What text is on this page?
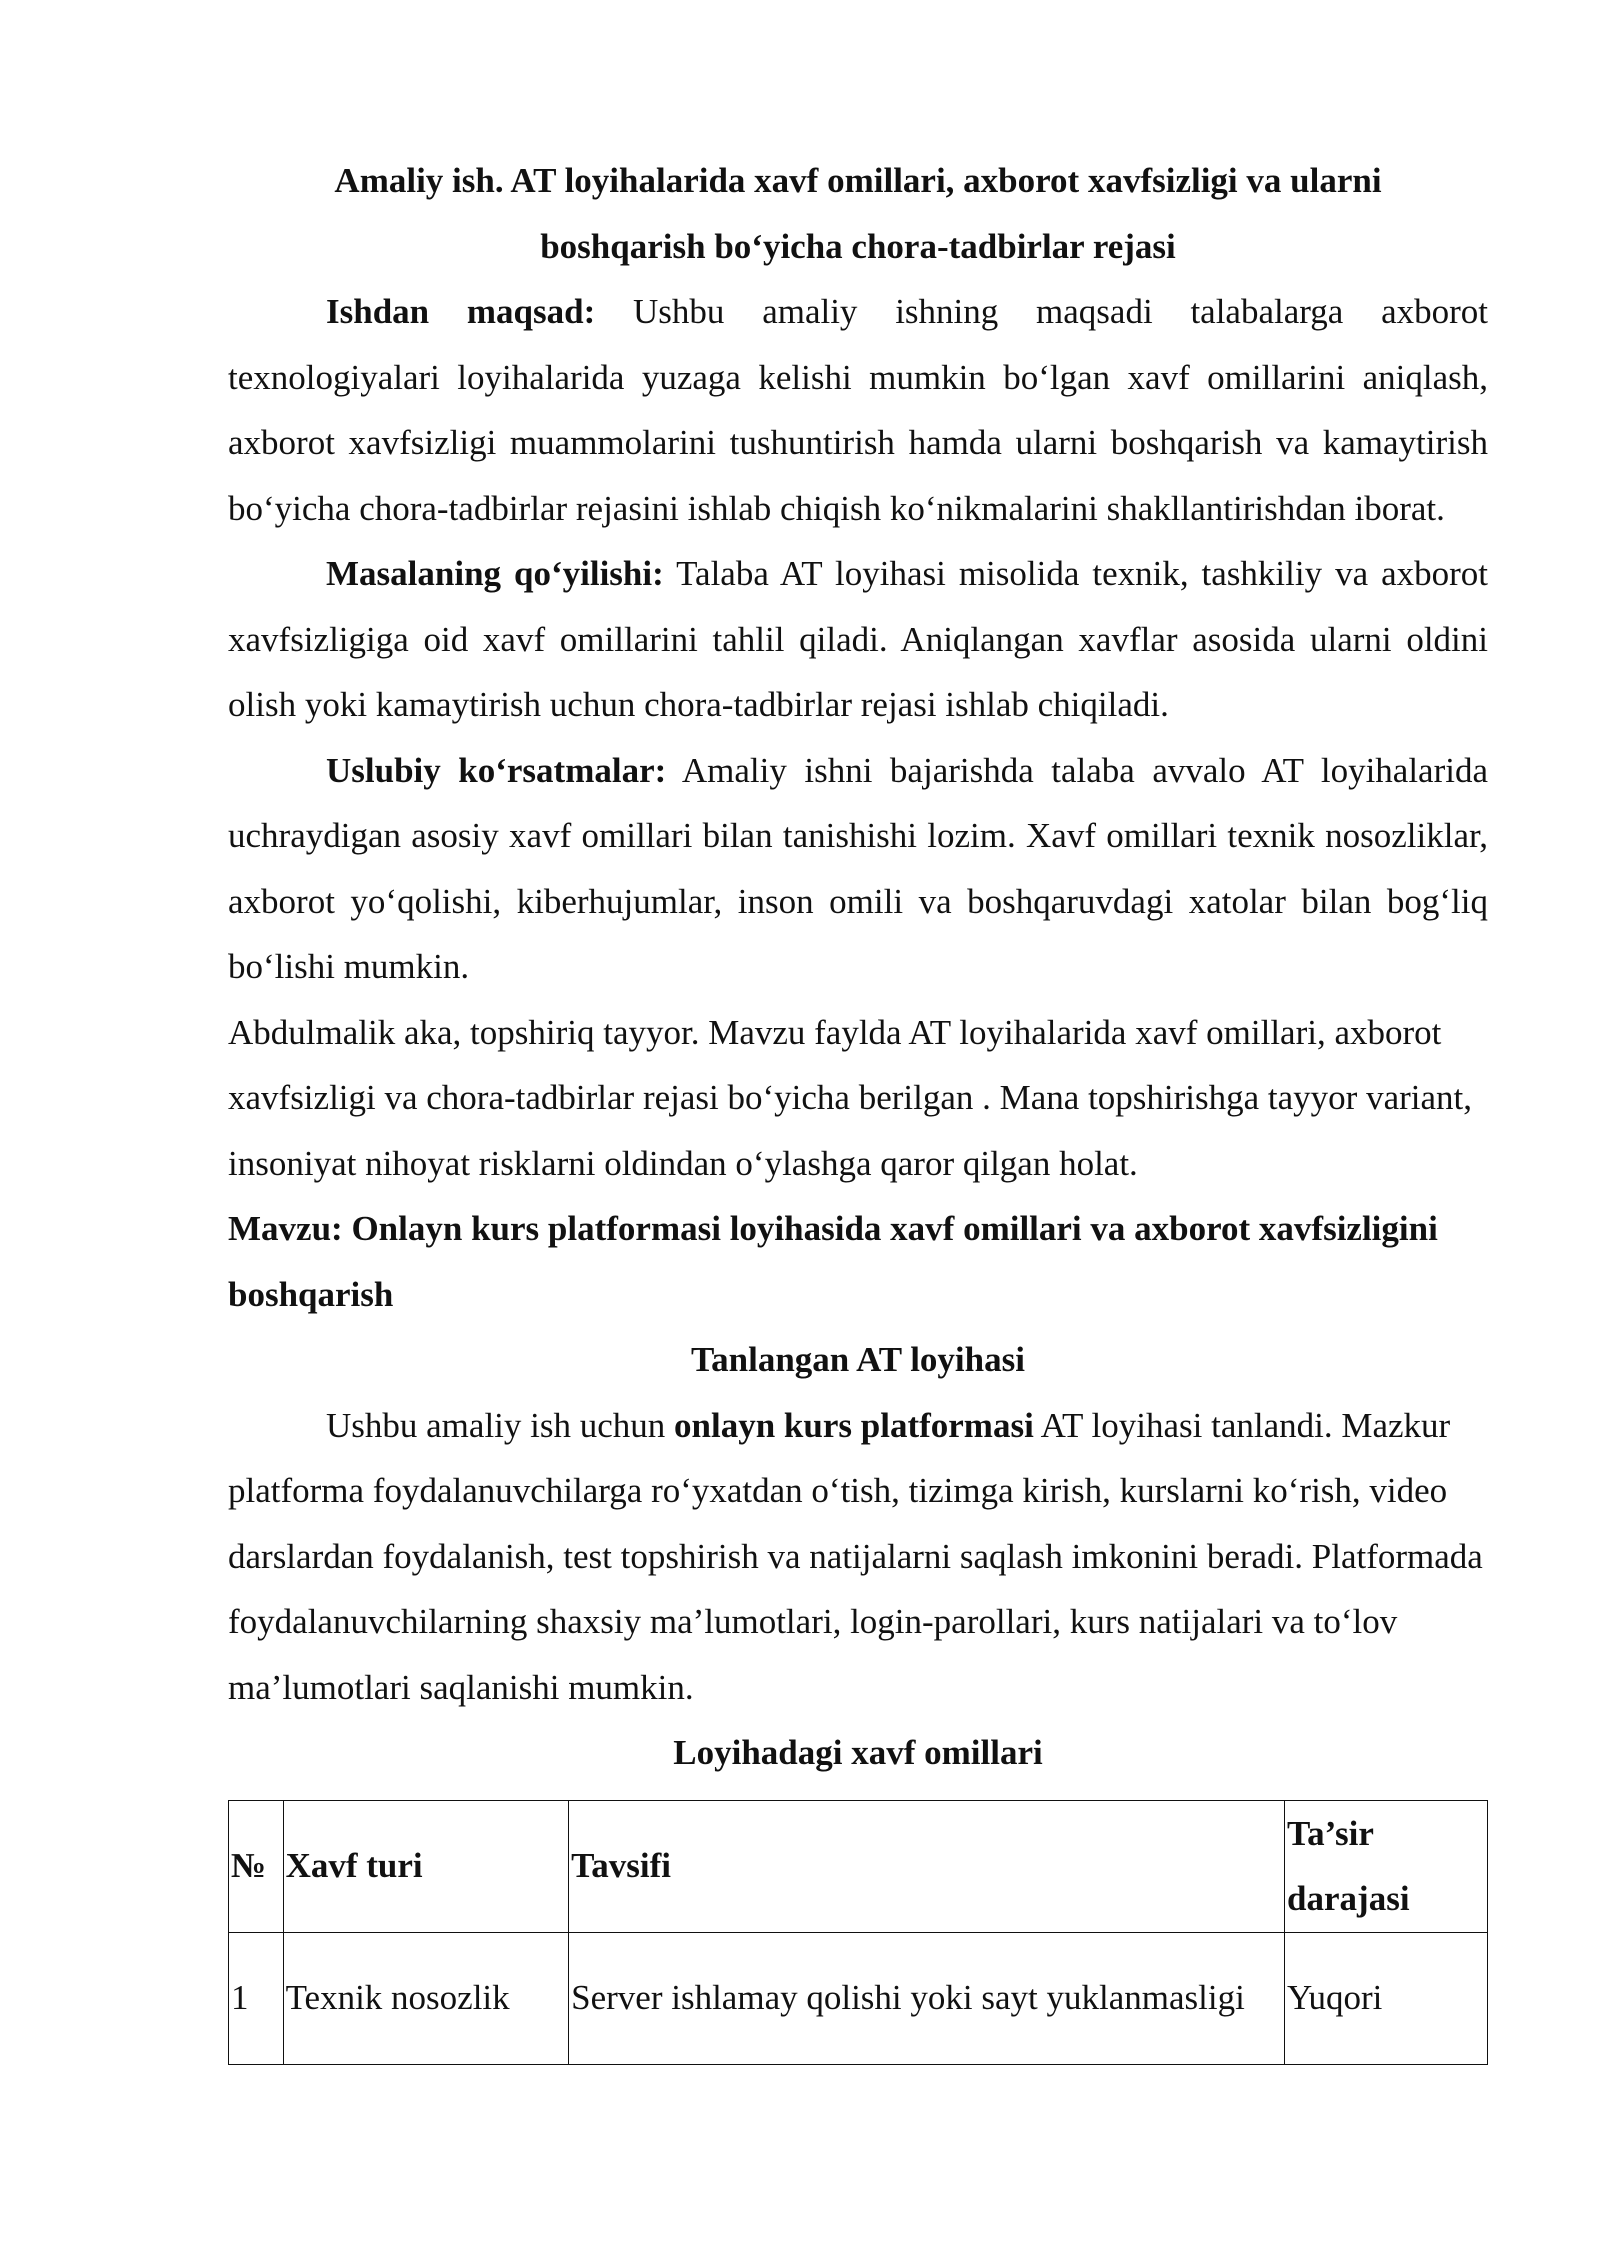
Amaliy ish. AT loyihalarida xavf omillari, axborot xavfsizligi va ularni
boshqarish bo‘yicha chora-tadbirlar rejasi

Ishdan maqsad: Ushbu amaliy ishning maqsadi talabalarga axborot texnologiyalari loyihalarida yuzaga kelishi mumkin bo‘lgan xavf omillarini aniqlash, axborot xavfsizligi muammolarini tushuntirish hamda ularni boshqarish va kamaytirish bo‘yicha chora-tadbirlar rejasini ishlab chiqish ko‘nikmalarini shakllantirishdan iborat.

Masalaning qo‘yilishi: Talaba AT loyihasi misolida texnik, tashkiliy va axborot xavfsizligiga oid xavf omillarini tahlil qiladi. Aniqlangan xavflar asosida ularni oldini olish yoki kamaytirish uchun chora-tadbirlar rejasi ishlab chiqiladi.

Uslubiy ko‘rsatmalar: Amaliy ishni bajarishda talaba avvalo AT loyihalarida uchraydigan asosiy xavf omillari bilan tanishishi lozim. Xavf omillari texnik nosozliklar, axborot yo‘qolishi, kiberhujumlar, inson omili va boshqaruvdagi xatolar bilan bog‘liq bo‘lishi mumkin.

Abdulmalik aka, topshiriq tayyor. Mavzu faylda AT loyihalarida xavf omillari, axborot xavfsizligi va chora-tadbirlar rejasi bo‘yicha berilgan . Mana topshirishga tayyor variant, insoniyat nihoyat risklarni oldindan o‘ylashga qaror qilgan holat.

Mavzu: Onlayn kurs platformasi loyihasida xavf omillari va axborot xavfsizligini boshqarish

Tanlangan AT loyihasi

Ushbu amaliy ish uchun onlayn kurs platformasi AT loyihasi tanlandi. Mazkur platforma foydalanuvchilarga ro‘yxatdan o‘tish, tizimga kirish, kurslarni ko‘rish, video darslardan foydalanish, test topshirish va natijalarni saqlash imkonini beradi. Platformada foydalanuvchilarning shaxsiy ma’lumotlari, login-parollari, kurs natijalari va to‘lov ma’lumotlari saqlanishi mumkin.

Loyihadagi xavf omillari

№	Xavf turi	Tavsifi	Ta’sir darajasi
1	Texnik nosozlik	Server ishlamay qolishi yoki sayt yuklanmasligi	Yuqori
